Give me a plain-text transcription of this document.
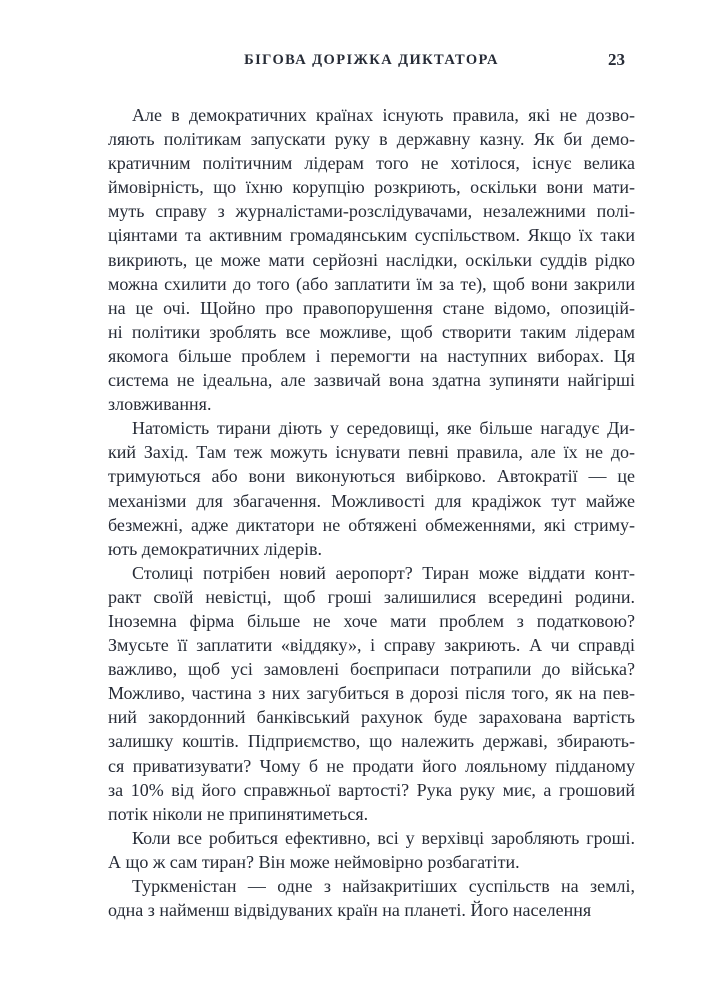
БІГОВА ДОРІЖКА ДИКТАТОРА	23
Але в демократичних країнах існують правила, які не дозво-
ляють політикам запускати руку в державну казну. Як би демо-
кратичним політичним лідерам того не хотілося, існує велика
ймовірність, що їхню корупцію розкриють, оскільки вони мати-
муть справу з журналістами-розслідувачами, незалежними полі-
ціянтами та активним громадянським суспільством. Якщо їх таки
викриють, це може мати серйозні наслідки, оскільки суддів рідко
можна схилити до того (або заплатити їм за те), щоб вони закрили
на це очі. Щойно про правопорушення стане відомо, опозицій-
ні політики зроблять все можливе, щоб створити таким лідерам
якомога більше проблем і перемогти на наступних виборах. Ця
система не ідеальна, але зазвичай вона здатна зупиняти найгірші
зловживання.
Натомість тирани діють у середовищі, яке більше нагадує Ди-
кий Захід. Там теж можуть існувати певні правила, але їх не до-
тримуються або вони виконуються вибірково. Автократії — це
механізми для збагачення. Можливості для крадіжок тут майже
безмежні, адже диктатори не обтяжені обмеженнями, які стриму-
ють демократичних лідерів.
Столиці потрібен новий аеропорт? Тиран може віддати конт-
ракт своїй невістці, щоб гроші залишилися всередині родини.
Іноземна фірма більше не хоче мати проблем з податковою?
Змусьте її заплатити «віддяку», і справу закриють. А чи справді
важливо, щоб усі замовлені боєприпаси потрапили до війська?
Можливо, частина з них загубиться в дорозі після того, як на пев-
ний закордонний банківський рахунок буде зарахована вартість
залишку коштів. Підприємство, що належить державі, збирають-
ся приватизувати? Чому б не продати його лояльному підданому
за 10% від його справжньої вартості? Рука руку миє, а грошовий
потік ніколи не припинятиметься.
Коли все робиться ефективно, всі у верхівці заробляють гроші.
А що ж сам тиран? Він може неймовірно розбагатіти.
Туркменістан — одне з найзакритіших суспільств на землі,
одна з найменш відвідуваних країн на планеті. Його населення
